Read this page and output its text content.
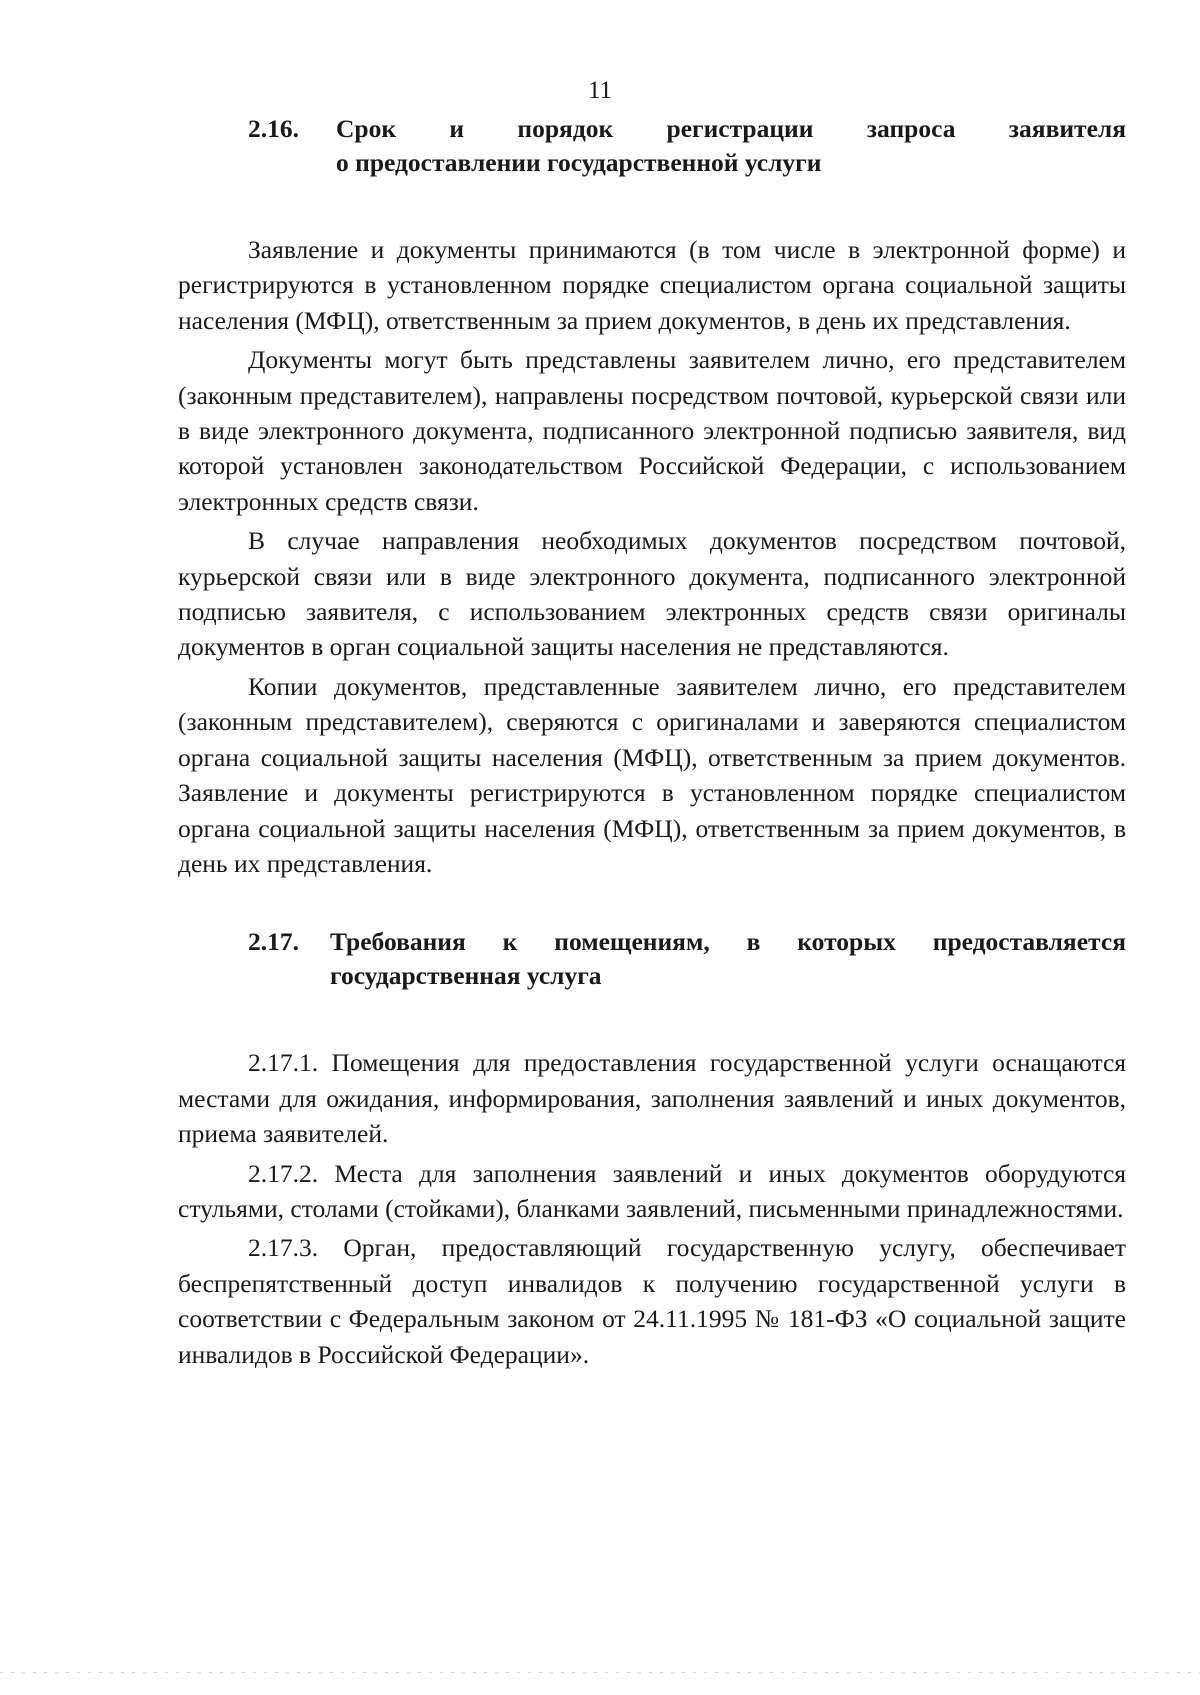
11
2.16.	Срок и порядок регистрации запроса заявителя
о предоставлении государственной услуги

Заявление и документы принимаются (в том числе в электронной форме) и регистрируются в установленном порядке специалистом органа социальной защиты населения (МФЦ), ответственным за прием документов, в день их представления.

Документы могут быть представлены заявителем лично, его представителем (законным представителем), направлены посредством почтовой, курьерской связи или в виде электронного документа, подписанного электронной подписью заявителя, вид которой установлен законодательством Российской Федерации, с использованием электронных средств связи.

В случае направления необходимых документов посредством почтовой, курьерской связи или в виде электронного документа, подписанного электронной подписью заявителя, с использованием электронных средств связи оригиналы документов в орган социальной защиты населения не представляются.

Копии документов, представленные заявителем лично, его представителем (законным представителем), сверяются с оригиналами и заверяются специалистом органа социальной защиты населения (МФЦ), ответственным за прием документов. Заявление и документы регистрируются в установленном порядке специалистом органа социальной защиты населения (МФЦ), ответственным за прием документов, в день их представления.

2.17.	Требования к помещениям, в которых предоставляется
государственная услуга

2.17.1. Помещения для предоставления государственной услуги оснащаются местами для ожидания, информирования, заполнения заявлений и иных документов, приема заявителей.

2.17.2. Места для заполнения заявлений и иных документов оборудуются стульями, столами (стойками), бланками заявлений, письменными принадлежностями.

2.17.3. Орган, предоставляющий государственную услугу, обеспечивает беспрепятственный доступ инвалидов к получению государственной услуги в соответствии с Федеральным законом от 24.11.1995 № 181-ФЗ «О социальной защите инвалидов в Российской Федерации».
